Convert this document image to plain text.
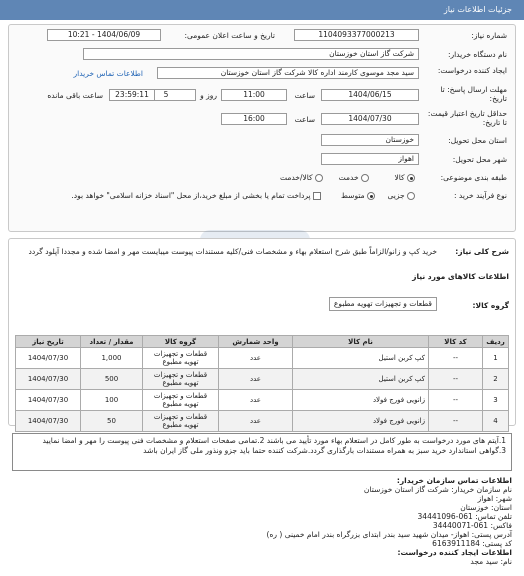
جزئیات اطلاعات نیاز
شماره نیاز:
1104093377000213
تاریخ و ساعت اعلان عمومی:
1404/06/09 - 10:21
نام دستگاه خریدار:
شرکت گاز استان خوزستان
ایجاد کننده درخواست:
سید مجد موسوی کارمند اداره کالا شرکت گاز استان خوزستان
اطلاعات تماس خریدار
مهلت ارسال پاسخ: تا تاریخ:
1404/06/15
ساعت
11:00
5	روز و
23:59:11
ساعت باقی مانده
حداقل تاریخ اعتبار قیمت: تا تاریخ:
1404/07/30
ساعت
16:00
استان محل تحویل:
خوزستان
شهر محل تحویل:
اهواز
طبقه بندی موضوعی:
کالا
خدمت
کالا/خدمت
نوع فرآیند خرید :
جزیی
متوسط
پرداخت تمام یا بخشی از مبلغ خرید،از محل "اسناد خزانه اسلامی" خواهد بود.
شرح کلی نیاز:
خرید کپ و زانو/الزاماً طبق شرح استعلام بهاء و مشخصات فنی/کلیه مستندات پیوست میبایست مهر و امضا شده و مجددا آپلود گردد
اطلاعات کالاهای مورد نیاز
گروه کالا:
قطعات و تجهیزات تهویه مطبوع
ردیف	کد کالا	نام کالا	واحد شمارش	گروه کالا	مقدار / تعداد	تاریخ نیاز
1	--	کپ کربن استیل	عدد	قطعات و تجهیزات تهویه مطبوع	1,000	1404/07/30
2	--	کپ کربن استیل	عدد	قطعات و تجهیزات تهویه مطبوع	500	1404/07/30
3	--	زانویی فورج فولاد	عدد	قطعات و تجهیزات تهویه مطبوع	100	1404/07/30
4	--	زانویی فورج فولاد	عدد	قطعات و تجهیزات تهویه مطبوع	50	1404/07/30
1.آیتم های مورد درخواست به طور کامل در استعلام بهاء مورد تأیید می باشند 2.تمامی صفحات استعلام و مشخصات فنی پیوست را مهر و امضا نمایید 3.گواهی استاندارد خرید سبز به همراه مستندات بارگذاری گردد.شرکت کننده حتما باید جزو ونذور ملی گاز ایران باشد
اطلاعات تماس سازمان خریدار:
نام سازمان خریدار: شرکت گاز استان خوزستان
شهر: اهواز
استان: خوزستان
تلفن تماس: 061-34441096
فاکس: 061-34440071
آدرس پستی: اهواز- میدان شهید سید بندر ابتدای بزرگراه بندر امام خمینی ( ره)
کد پستی: 6163911184
اطلاعات ایجاد کننده درخواست:
نام: سید مجد
